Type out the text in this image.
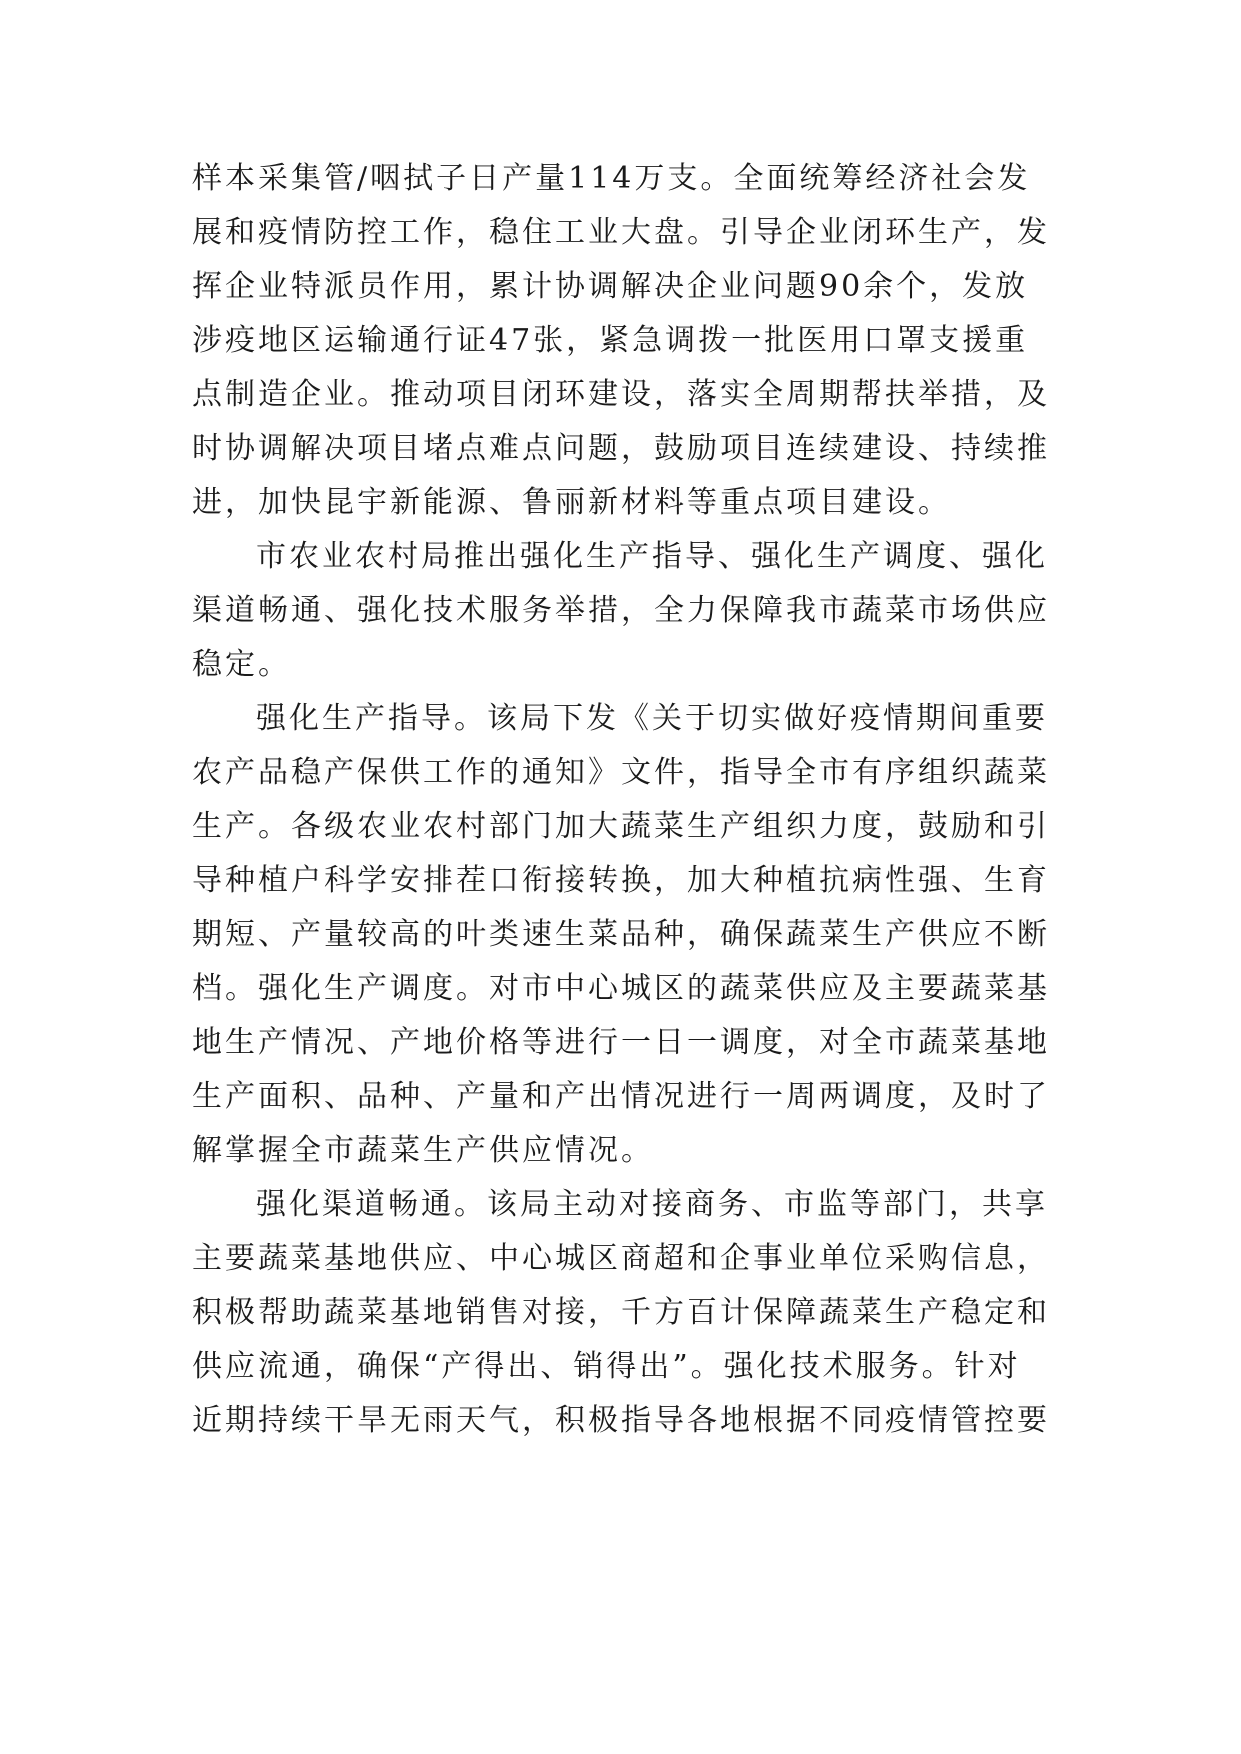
样本采集管/咽拭子日产量114万支。全面统筹经济社会发
展和疫情防控工作，稳住工业大盘。引导企业闭环生产，发
挥企业特派员作用，累计协调解决企业问题90余个，发放
涉疫地区运输通行证47张，紧急调拨一批医用口罩支援重
点制造企业。推动项目闭环建设，落实全周期帮扶举措，及
时协调解决项目堵点难点问题，鼓励项目连续建设、持续推
进，加快昆宇新能源、鲁丽新材料等重点项目建设。
市农业农村局推出强化生产指导、强化生产调度、强化
渠道畅通、强化技术服务举措，全力保障我市蔬菜市场供应
稳定。
强化生产指导。该局下发《关于切实做好疫情期间重要
农产品稳产保供工作的通知》文件，指导全市有序组织蔬菜
生产。各级农业农村部门加大蔬菜生产组织力度，鼓励和引
导种植户科学安排茬口衔接转换，加大种植抗病性强、生育
期短、产量较高的叶类速生菜品种，确保蔬菜生产供应不断
档。强化生产调度。对市中心城区的蔬菜供应及主要蔬菜基
地生产情况、产地价格等进行一日一调度，对全市蔬菜基地
生产面积、品种、产量和产出情况进行一周两调度，及时了
解掌握全市蔬菜生产供应情况。
强化渠道畅通。该局主动对接商务、市监等部门，共享
主要蔬菜基地供应、中心城区商超和企事业单位采购信息，
积极帮助蔬菜基地销售对接，千方百计保障蔬菜生产稳定和
供应流通，确保“产得出、销得出”。强化技术服务。针对
近期持续干旱无雨天气，积极指导各地根据不同疫情管控要
